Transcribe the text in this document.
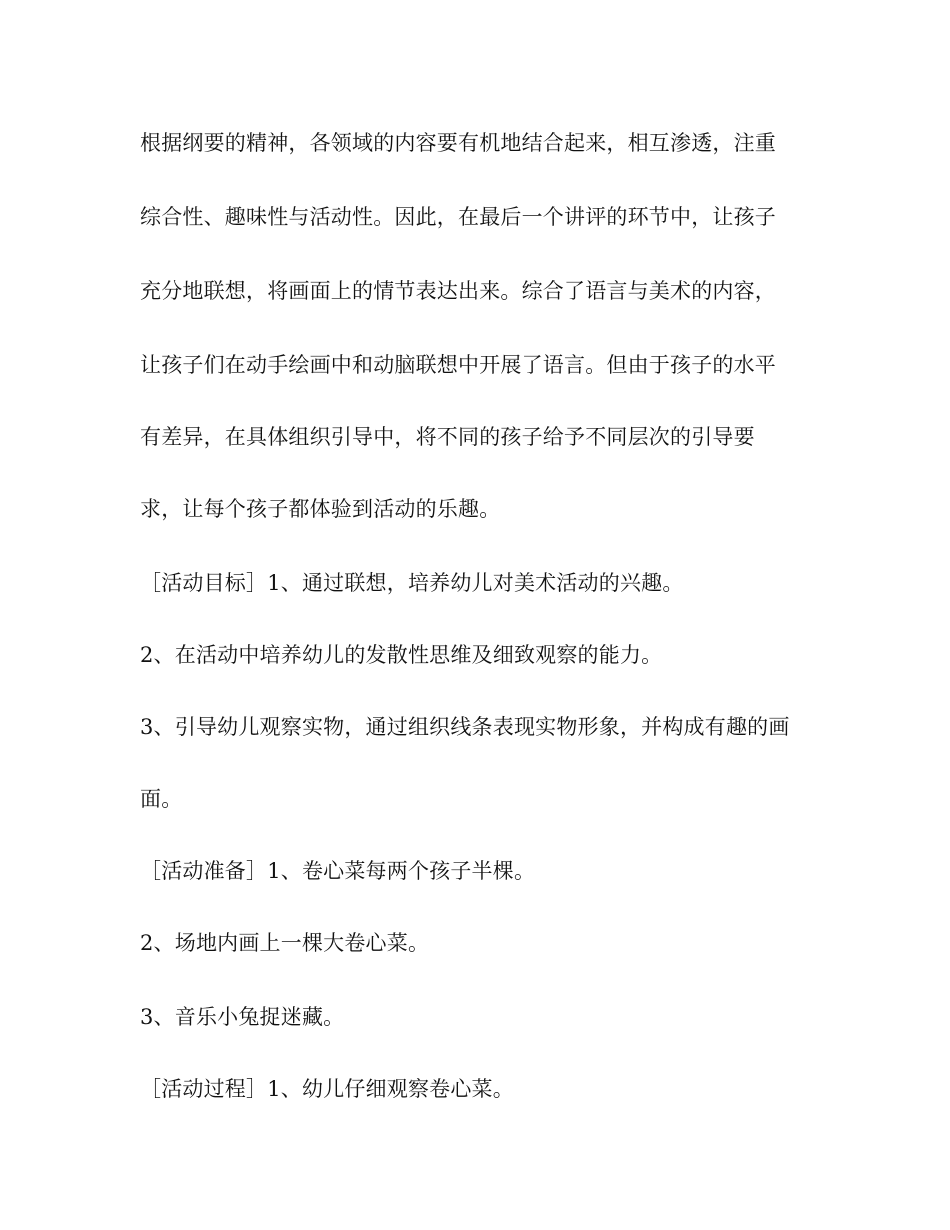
根据纲要的精神，各领域的内容要有机地结合起来，相互渗透，注重
综合性、趣味性与活动性。因此，在最后一个讲评的环节中，让孩子
充分地联想，将画面上的情节表达出来。综合了语言与美术的内容，
让孩子们在动手绘画中和动脑联想中开展了语言。但由于孩子的水平
有差异，在具体组织引导中，将不同的孩子给予不同层次的引导要
求，让每个孩子都体验到活动的乐趣。
［活动目标］1、通过联想，培养幼儿对美术活动的兴趣。
2、在活动中培养幼儿的发散性思维及细致观察的能力。
3、引导幼儿观察实物，通过组织线条表现实物形象，并构成有趣的画
面。
［活动准备］1、卷心菜每两个孩子半棵。
2、场地内画上一棵大卷心菜。
3、音乐小兔捉迷藏。
［活动过程］1、幼儿仔细观察卷心菜。
